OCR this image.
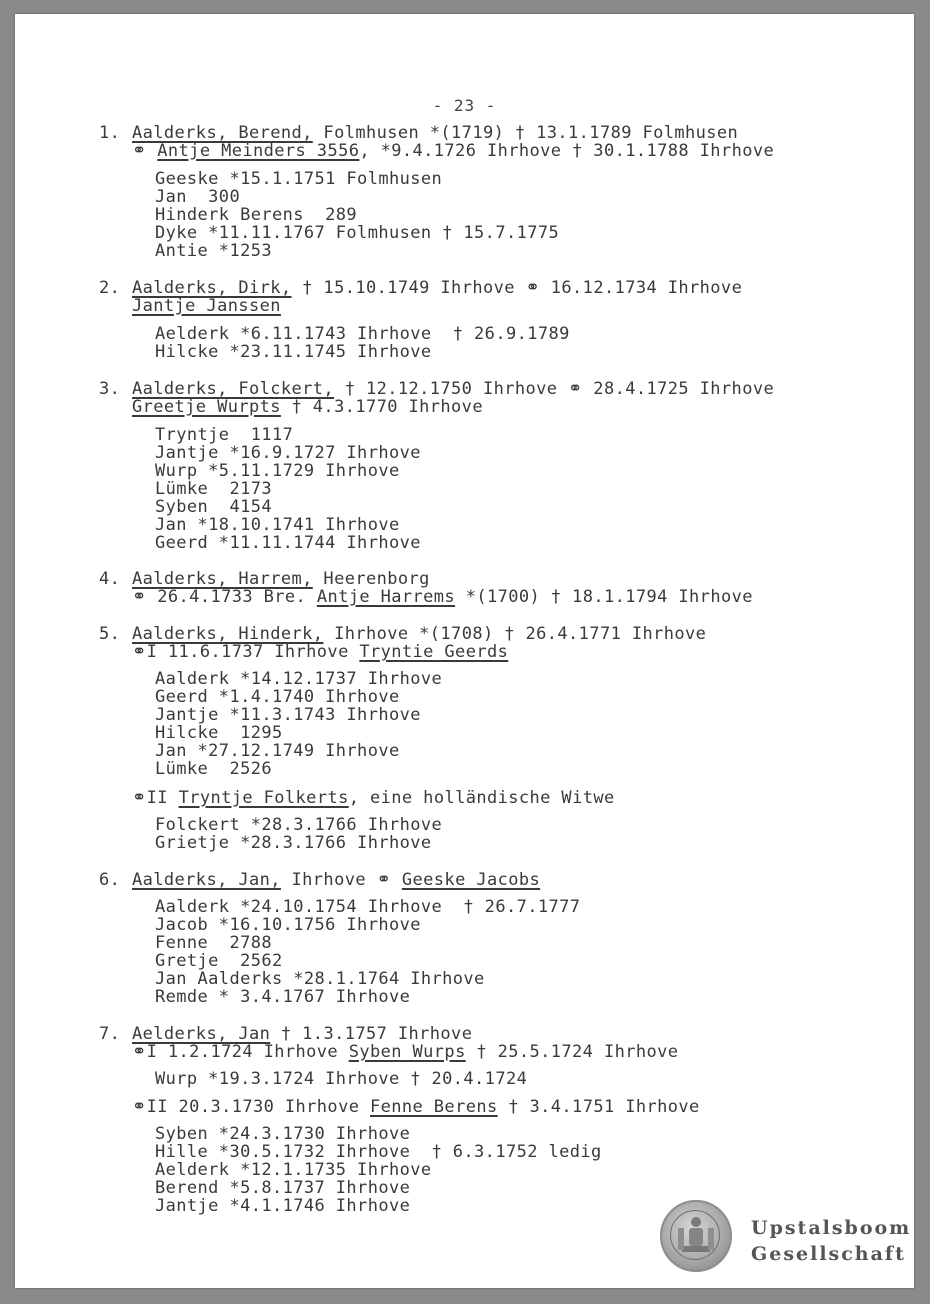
- 23 -
1. Aalderks, Berend, Folmhusen *(1719) † 13.1.1789 Folmhusen
⚭ Antje Meinders 3556, *9.4.1726 Ihrhove † 30.1.1788 Ihrhove
Geeske *15.1.1751 Folmhusen
Jan  300
Hinderk Berens  289
Dyke *11.11.1767 Folmhusen † 15.7.1775
Antie *1253
2. Aalderks, Dirk, † 15.10.1749 Ihrhove ⚭ 16.12.1734 Ihrhove
Jantje Janssen
Aelderk *6.11.1743 Ihrhove  † 26.9.1789
Hilcke *23.11.1745 Ihrhove
3. Aalderks, Folckert, † 12.12.1750 Ihrhove ⚭ 28.4.1725 Ihrhove
Greetje Wurpts † 4.3.1770 Ihrhove
Tryntje  1117
Jantje *16.9.1727 Ihrhove
Wurp *5.11.1729 Ihrhove
Lümke  2173
Syben  4154
Jan *18.10.1741 Ihrhove
Geerd *11.11.1744 Ihrhove
4. Aalderks, Harrem, Heerenborg
⚭ 26.4.1733 Bre. Antje Harrems *(1700) † 18.1.1794 Ihrhove
5. Aalderks, Hinderk, Ihrhove *(1708) † 26.4.1771 Ihrhove
⚭I 11.6.1737 Ihrhove Tryntie Geerds
Aalderk *14.12.1737 Ihrhove
Geerd *1.4.1740 Ihrhove
Jantje *11.3.1743 Ihrhove
Hilcke  1295
Jan *27.12.1749 Ihrhove
Lümke  2526
⚭II Tryntje Folkerts, eine holländische Witwe
Folckert *28.3.1766 Ihrhove
Grietje *28.3.1766 Ihrhove
6. Aalderks, Jan, Ihrhove ⚭ Geeske Jacobs
Aalderk *24.10.1754 Ihrhove  † 26.7.1777
Jacob *16.10.1756 Ihrhove
Fenne  2788
Gretje  2562
Jan Aalderks *28.1.1764 Ihrhove
Remde * 3.4.1767 Ihrhove
7. Aelderks, Jan † 1.3.1757 Ihrhove
⚭I 1.2.1724 Ihrhove Syben Wurps † 25.5.1724 Ihrhove
Wurp *19.3.1724 Ihrhove † 20.4.1724
⚭II 20.3.1730 Ihrhove Fenne Berens † 3.4.1751 Ihrhove
Syben *24.3.1730 Ihrhove
Hille *30.5.1732 Ihrhove  † 6.3.1752 ledig
Aelderk *12.1.1735 Ihrhove
Berend *5.8.1737 Ihrhove
Jantje *4.1.1746 Ihrhove
Upstalsboom
Gesellschaft
